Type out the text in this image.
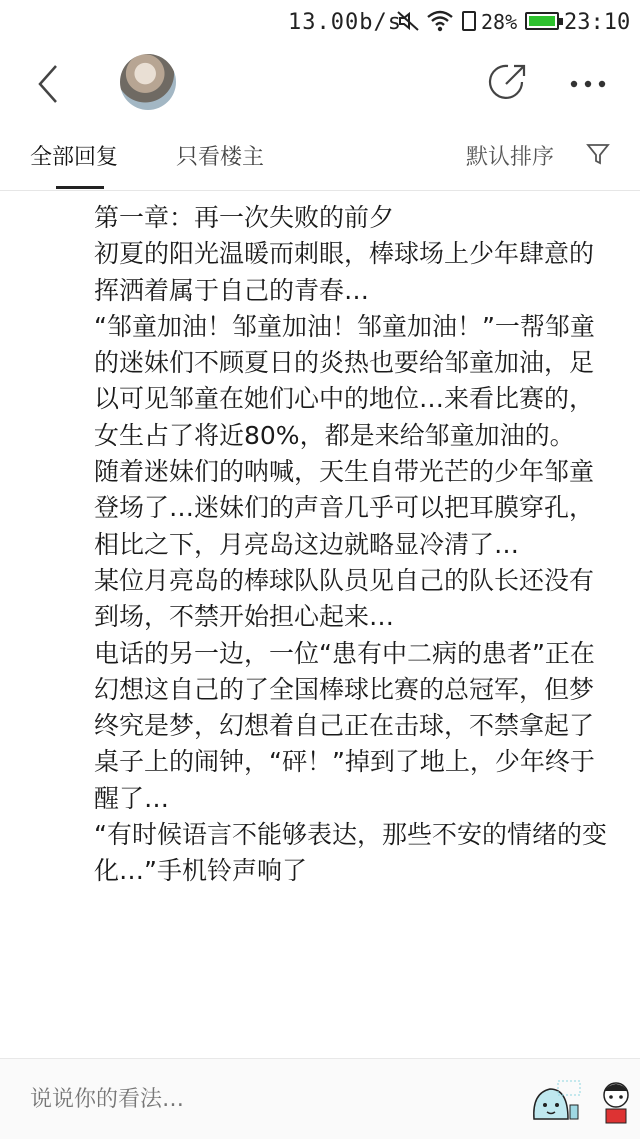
13.00b/s	28% 23:10
全部回复	只看楼主	默认排序

第一章：再一次失败的前夕

初夏的阳光温暖而刺眼，棒球场上少年肆意的挥洒着属于自己的青春…

“邹童加油！邹童加油！邹童加油！”一帮邹童的迷妹们不顾夏日的炎热也要给邹童加油，足以可见邹童在她们心中的地位…来看比赛的，女生占了将近80%，都是来给邹童加油的。

随着迷妹们的呐喊，天生自带光芒的少年邹童登场了…迷妹们的声音几乎可以把耳膜穿孔，相比之下，月亮岛这边就略显冷清了…

某位月亮岛的棒球队队员见自己的队长还没有到场，不禁开始担心起来…

电话的另一边，一位“患有中二病的患者”正在幻想这自己的了全国棒球比赛的总冠军，但梦终究是梦，幻想着自己正在击球，不禁拿起了桌子上的闹钟，“砰！”掉到了地上，少年终于醒了…

“有时候语言不能够表达，那些不安的情绪的变化…”手机铃声响了

说说你的看法…
